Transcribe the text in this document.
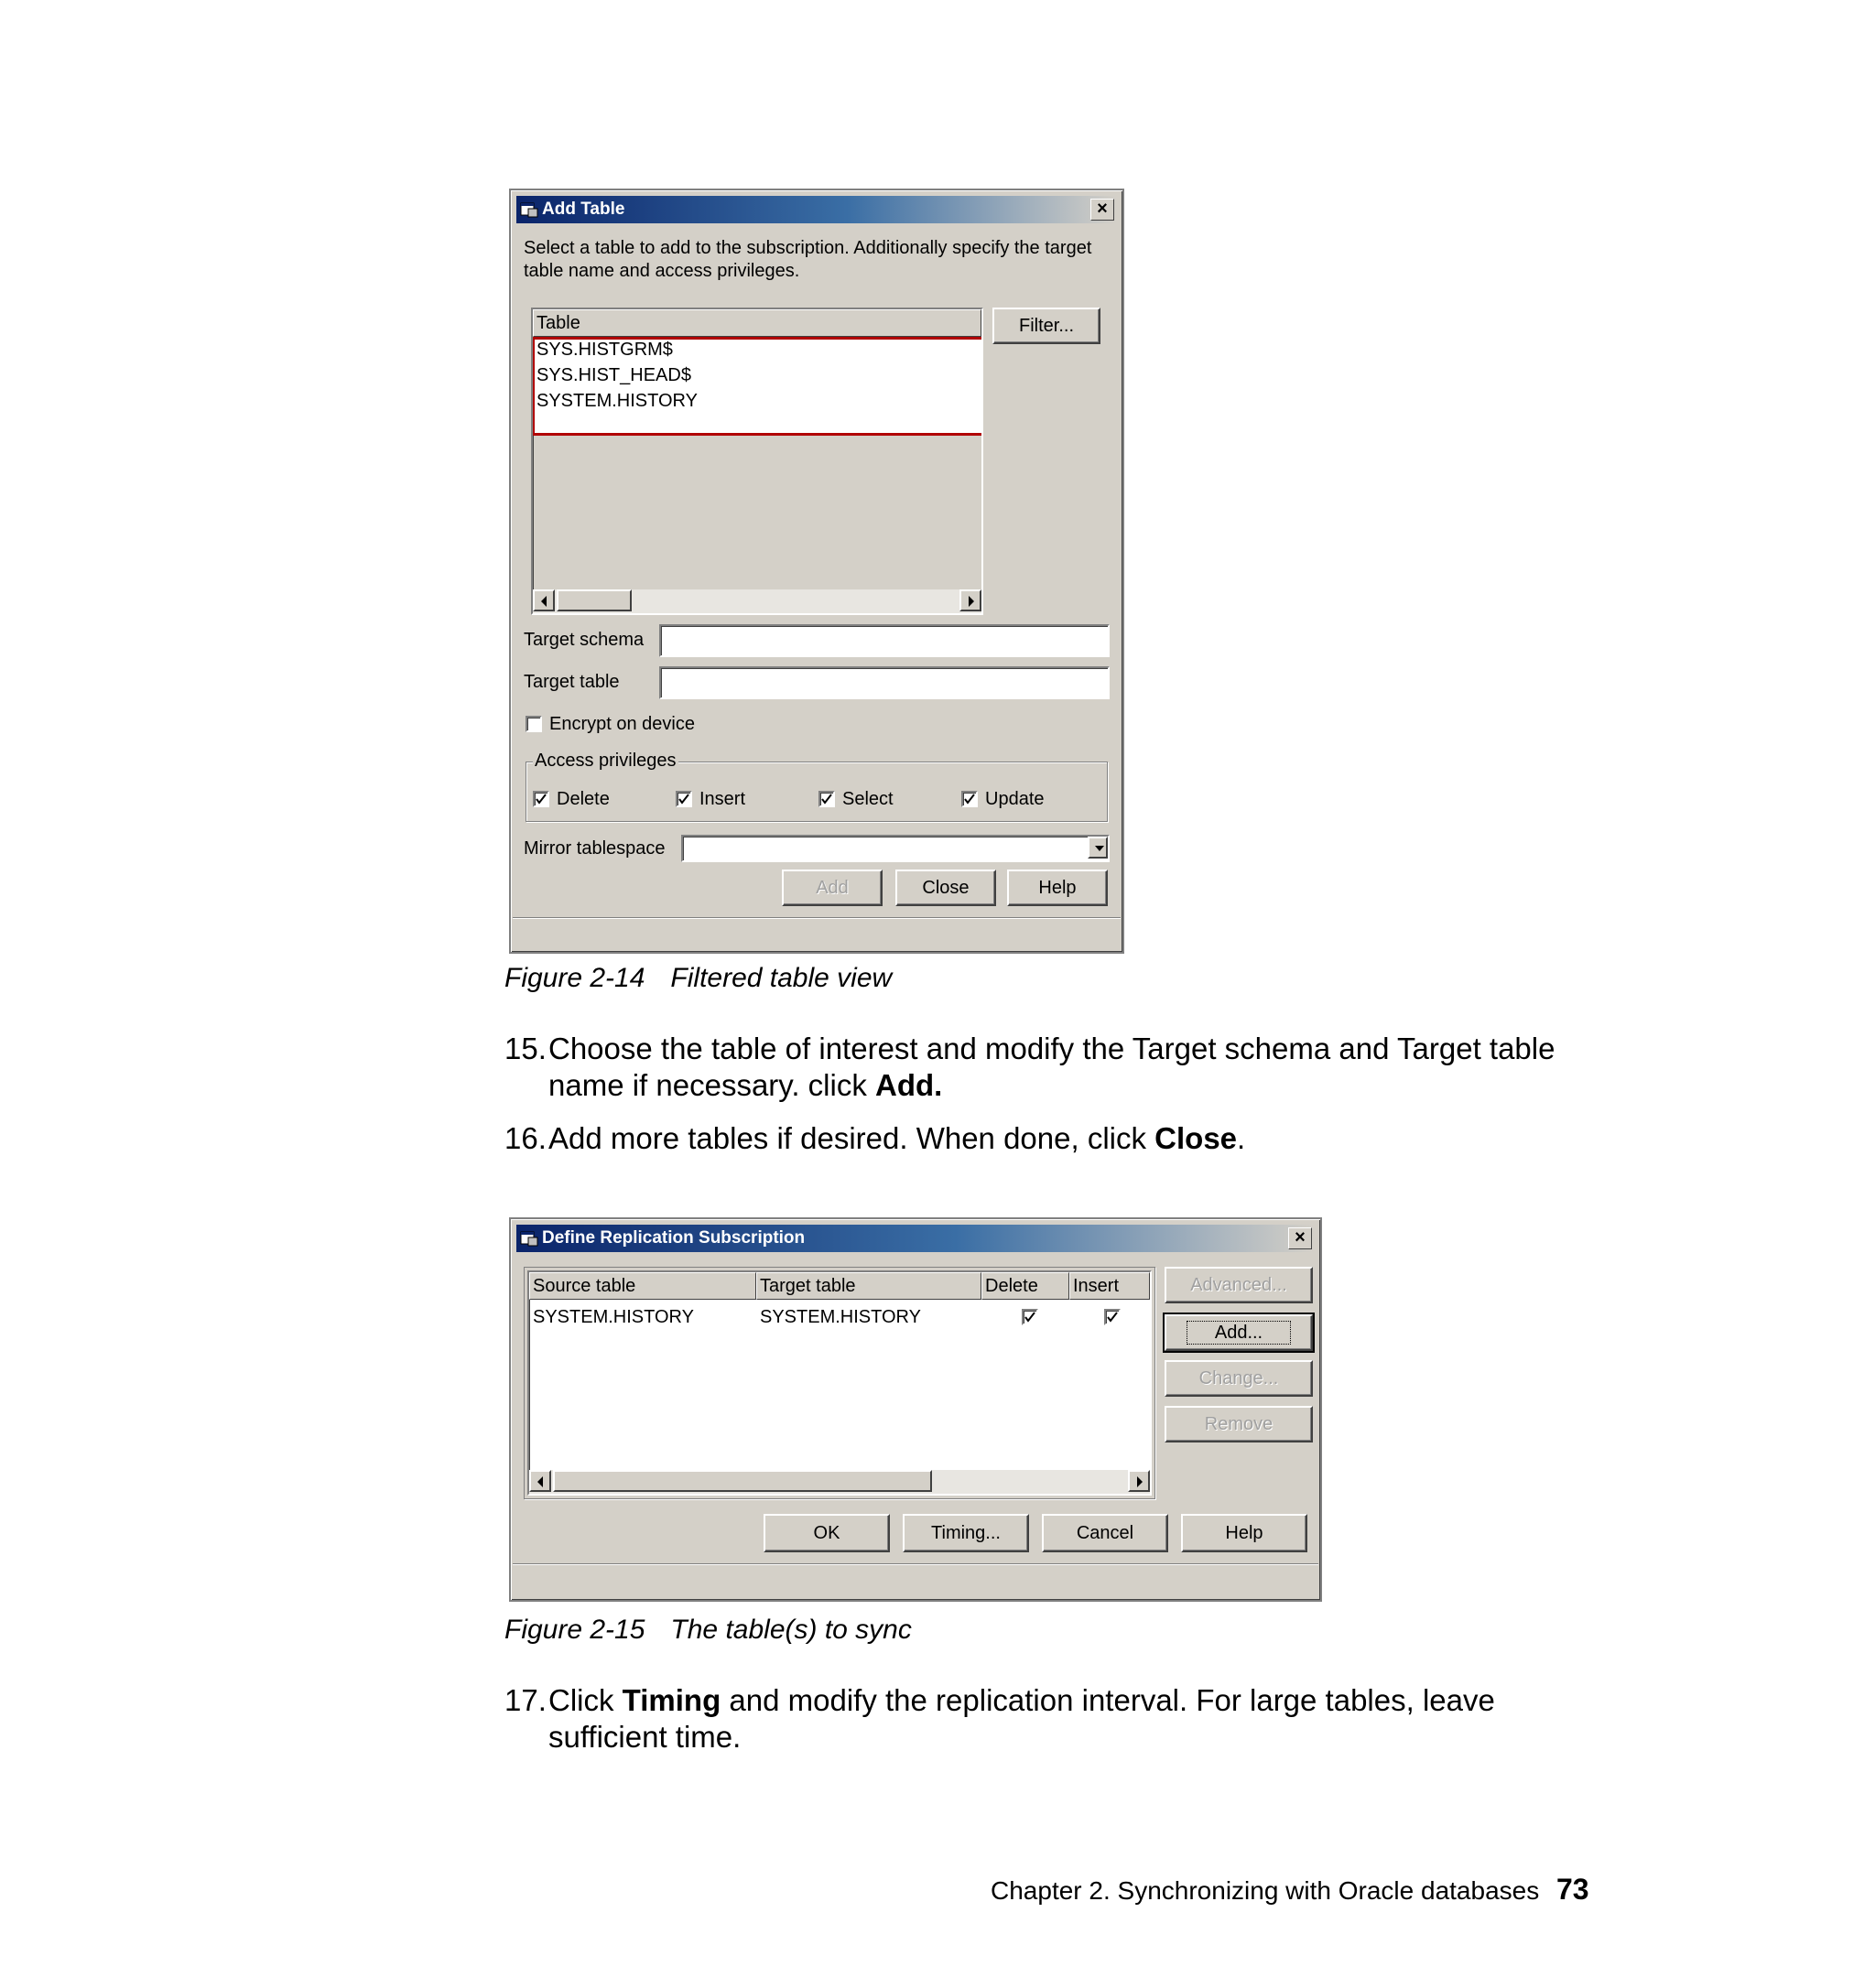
Add Table	×
Select a table to add to the subscription. Additionally specify the target
table name and access privileges.
Table
SYS.HISTGRM$
SYS.HIST_HEAD$
SYSTEM.HISTORY
Filter...
Target schema
Target table
Encrypt on device
Access privileges
Delete	Insert	Select	Update
Mirror tablespace
Add	Close	Help
Figure 2-14 Filtered table view
15. Choose the table of interest and modify the Target schema and Target table
name if necessary. click Add.
16. Add more tables if desired. When done, click Close.
Define Replication Subscription	×
Source table	Target table	Delete	Insert
SYSTEM.HISTORY	SYSTEM.HISTORY
Advanced...
Add...
Change...
Remove
OK	Timing...	Cancel	Help
Figure 2-15 The table(s) to sync
17. Click Timing and modify the replication interval. For large tables, leave
sufficient time.
Chapter 2. Synchronizing with Oracle databases 73
